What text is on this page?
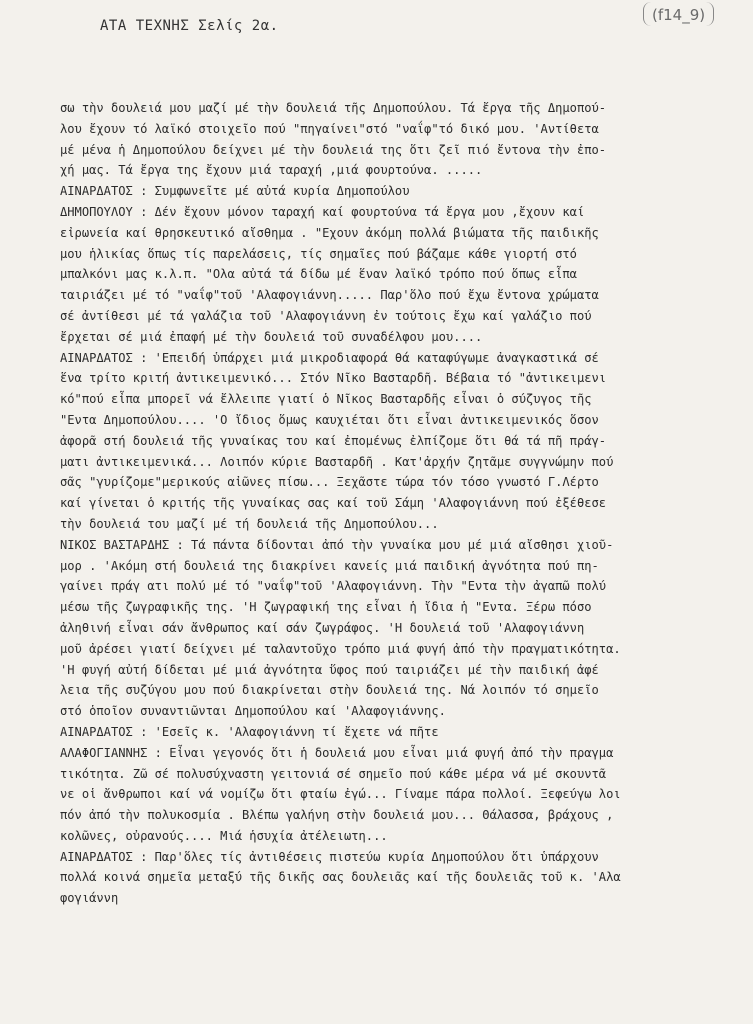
ΑΤΑ ΤΕΧΝΗΣ Σελίς 2α.
(f14_9)
σω τὴν δουλειά μου μαζί μέ τὴν δουλειά τῆς Δημοπούλου. Τά ἔργα τῆς Δημοπού-
λου ἔχουν τό λαϊκό στοιχεῖο πού "πηγαίνει"στό "ναΐφ"τό δικό μου. 'Αντίθετα
μέ μένα ἡ Δημοπούλου δείχνει μέ τὴν δουλειά της ὅτι ζεῖ πιό ἔντονα τὴν ἐπο-
χή μας. Τά ἔργα της ἔχουν μιά ταραχή ,μιά φουρτούνα. .....
ΑΙΝΑΡΔΑΤΟΣ : Συμφωνεῖτε μέ αὐτά κυρία Δημοπούλου
ΔΗΜΟΠΟΥΛΟΥ : Δέν ἔχουν μόνον ταραχή καί φουρτούνα τά ἔργα μου ,ἔχουν καί
εἰρωνεία καί θρησκευτικό αἴσθημα . "Εχουν ἀκόμη πολλά βιώματα τῆς παιδικῆς
μου ἡλικίας ὅπως τίς παρελάσεις, τίς σημαῖες πού βάζαμε κάθε γιορτή στό
μπαλκόνι μας κ.λ.π. "Ολα αὐτά τά δίδω μέ ἕναν λαϊκό τρόπο πού ὅπως εἶπα
ταιριάζει μέ τό "ναΐφ"τοῦ 'Αλαφογιάννη..... Παρ'ὅλο πού ἔχω ἔντονα χρώματα
σέ ἀντίθεσι μέ τά γαλάζια τοῦ 'Αλαφογιάννη ἐν τούτοις ἔχω καί γαλάζιο πού
ἔρχεται σέ μιά ἐπαφή μέ τὴν δουλειά τοῦ συναδέλφου μου....
ΑΙΝΑΡΔΑΤΟΣ : 'Επειδή ὑπάρχει μιά μικροδιαφορά θά καταφύγωμε ἀναγκαστικά σέ
ἕνα τρίτο κριτή ἀντικειμενικό... Στόν Νῖκο Βασταρδῆ. Βέβαια τό "ἀντικειμενι
κό"πού εἶπα μπορεῖ νά ἔλλειπε γιατί ὁ Νῖκος Βασταρδῆς εἶναι ὁ σύζυγος τῆς
"Εντα Δημοπούλου.... 'Ο ἴδιος ὅμως καυχιέται ὅτι εἶναι ἀντικειμενικός ὅσον
ἀφορᾶ στή δουλειά τῆς γυναίκας του καί ἐπομένως ἐλπίζομε ὅτι θά τά πῆ πράγ-
ματι ἀντικειμενικά... Λοιπόν κύριε Βασταρδῆ . Κατ'ἀρχήν ζητᾶμε συγγνώμην πού
σᾶς "γυρίζομε"μερικούς αἰῶνες πίσω... Ξεχᾶστε τώρα τόν τόσο γνωστό Γ.Λέρτο
καί γίνεται ὁ κριτής τῆς γυναίκας σας καί τοῦ Σάμη 'Αλαφογιάννη πού ἐξέθεσε
τὴν δουλειά του μαζί μέ τή δουλειά τῆς Δημοπούλου...
ΝΙΚΟΣ ΒΑΣΤΑΡΔΗΣ : Τά πάντα δίδονται ἀπό τὴν γυναίκα μου μέ μιά αἴσθησι χιοῦ-
μορ . 'Ακόμη στή δουλειά της διακρίνει κανείς μιά παιδική ἀγνότητα πού πη-
γαίνει πράγ ατι πολύ μέ τό "ναΐφ"τοῦ 'Αλαφογιάννη. Τὴν "Εντα τὴν ἀγαπῶ πολύ
μέσω τῆς ζωγραφικῆς της. 'Η ζωγραφική της εἶναι ἡ ἴδια ἡ "Εντα. Ξέρω πόσο
ἀληθινή εἶναι σάν ἄνθρωπος καί σάν ζωγράφος. 'Η δουλειά τοῦ 'Αλαφογιάννη
μοῦ ἀρέσει γιατί δείχνει μέ ταλαντοῦχο τρόπο μιά φυγή ἀπό τὴν πραγματικότητα.
'Η φυγή αὐτή δίδεται μέ μιά ἀγνότητα ὕφος πού ταιριάζει μέ τὴν παιδική ἀφέ
λεια τῆς συζύγου μου πού διακρίνεται στὴν δουλειά της. Νά λοιπόν τό σημεῖο
στό ὁποῖον συναντιῶνται Δημοπούλου καί 'Αλαφογιάννης.
ΑΙΝΑΡΔΑΤΟΣ : 'Εσεῖς κ. 'Αλαφογιάννη τί ἔχετε νά πῆτε
ΑΛΑΦΟΓΙΑΝΝΗΣ : Εἶναι γεγονός ὅτι ἡ δουλειά μου εἶναι μιά φυγή ἀπό τὴν πραγμα
τικότητα. Ζῶ σέ πολυσύχναστη γειτονιά σέ σημεῖο πού κάθε μέρα νά μέ σκουντᾶ
νε οἱ ἄνθρωποι καί νά νομίζω ὅτι φταίω ἐγώ... Γίναμε πάρα πολλοί. Ξεφεύγω λοι
πόν ἀπό τὴν πολυκοσμία . Βλέπω γαλήνη στὴν δουλειά μου... Θάλασσα, βράχους ,
κολῶνες, οὐρανούς.... Μιά ἡσυχία ἀτέλειωτη...
ΑΙΝΑΡΔΑΤΟΣ : Παρ'ὅλες τίς ἀντιθέσεις πιστεύω κυρία Δημοπούλου ὅτι ὑπάρχουν
πολλά κοινά σημεῖα μεταξύ τῆς δικῆς σας δουλειᾶς καί τῆς δουλειᾶς τοῦ κ. 'Αλα
φογιάννη
